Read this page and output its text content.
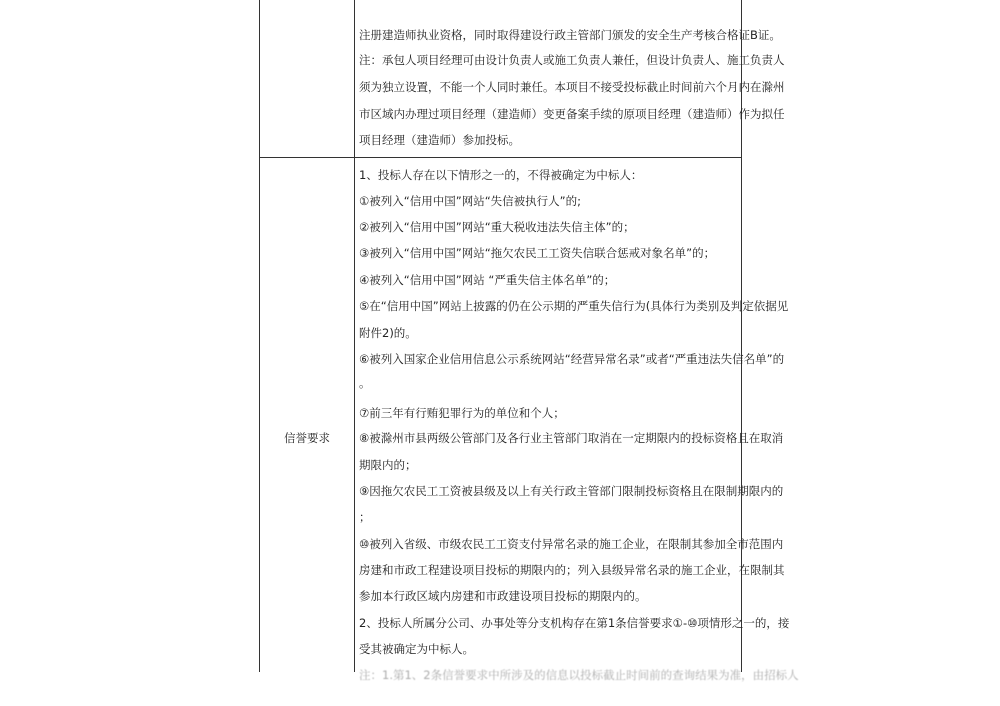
注册建造师执业资格，同时取得建设行政主管部门颁发的安全生产考核合格证B证。
注：承包人项目经理可由设计负责人或施工负责人兼任，但设计负责人、施工负责人
须为独立设置，不能一个人同时兼任。本项目不接受投标截止时间前六个月内在滁州
市区域内办理过项目经理（建造师）变更备案手续的原项目经理（建造师）作为拟任
项目经理（建造师）参加投标。
信誉要求
1、投标人存在以下情形之一的，不得被确定为中标人：
①被列入“信用中国”网站“失信被执行人”的;
②被列入“信用中国”网站“重大税收违法失信主体”的；
③被列入“信用中国”网站“拖欠农民工工资失信联合惩戒对象名单”的；
④被列入“信用中国”网站 “严重失信主体名单”的；
⑤在“信用中国”网站上披露的仍在公示期的严重失信行为(具体行为类别及判定依据见
附件2)的。
⑥被列入国家企业信用信息公示系统网站“经营异常名录”或者“严重违法失信名单”的
。
⑦前三年有行贿犯罪行为的单位和个人；
⑧被滁州市县两级公管部门及各行业主管部门取消在一定期限内的投标资格且在取消
期限内的；
⑨因拖欠农民工工资被县级及以上有关行政主管部门限制投标资格且在限制期限内的
；
⑩被列入省级、市级农民工工资支付异常名录的施工企业，在限制其参加全市范围内
房建和市政工程建设项目投标的期限内的；列入县级异常名录的施工企业，在限制其
参加本行政区域内房建和市政建设项目投标的期限内的。
2、投标人所属分公司、办事处等分支机构存在第1条信誉要求①-⑩项情形之一的，接
受其被确定为中标人。
注：1.第1、2条信誉要求中所涉及的信息以投标截止时间前的查询结果为准，由招标人
